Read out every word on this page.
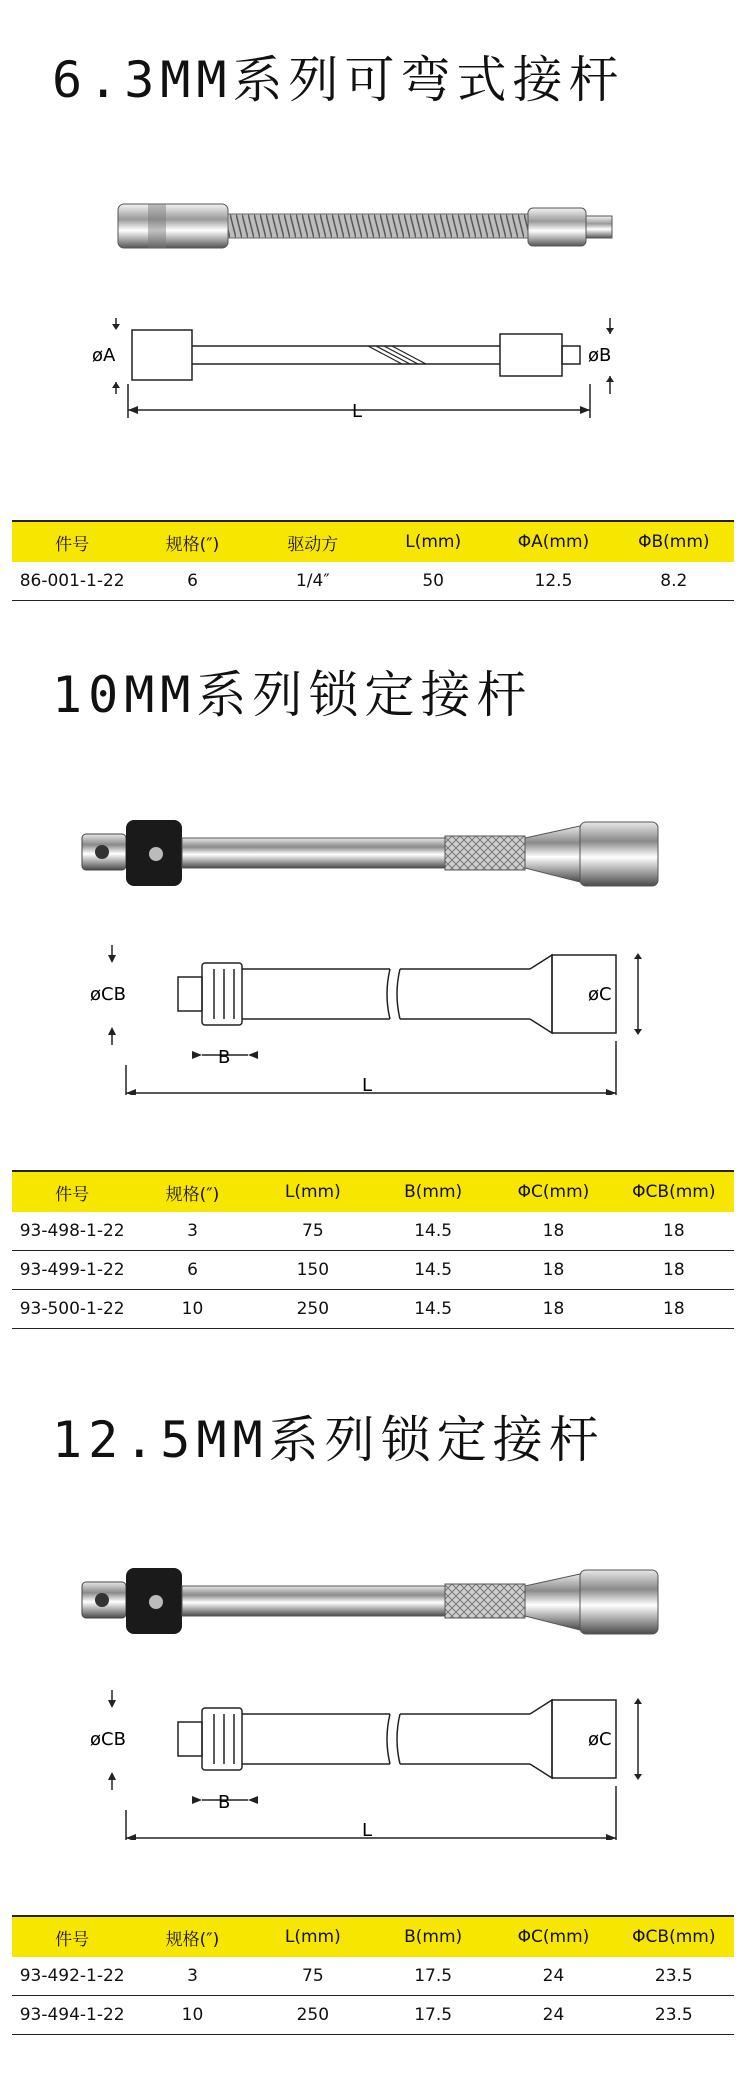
6.3MM系列可弯式接杆
øA	øB
L
件号	规格(″)	驱动方	L(mm)	ΦA(mm)	ΦB(mm)
86-001-1-22	6	1/4″	50	12.5	8.2
10MM系列锁定接杆
øCB	øC
B
L
件号	规格(″)	L(mm)	B(mm)	ΦC(mm)	ΦCB(mm)
93-498-1-22	3	75	14.5	18	18
93-499-1-22	6	150	14.5	18	18
93-500-1-22	10	250	14.5	18	18
12.5MM系列锁定接杆
øCB	øC
B
L
件号	规格(″)	L(mm)	B(mm)	ΦC(mm)	ΦCB(mm)
93-492-1-22	3	75	17.5	24	23.5
93-494-1-22	10	250	17.5	24	23.5
